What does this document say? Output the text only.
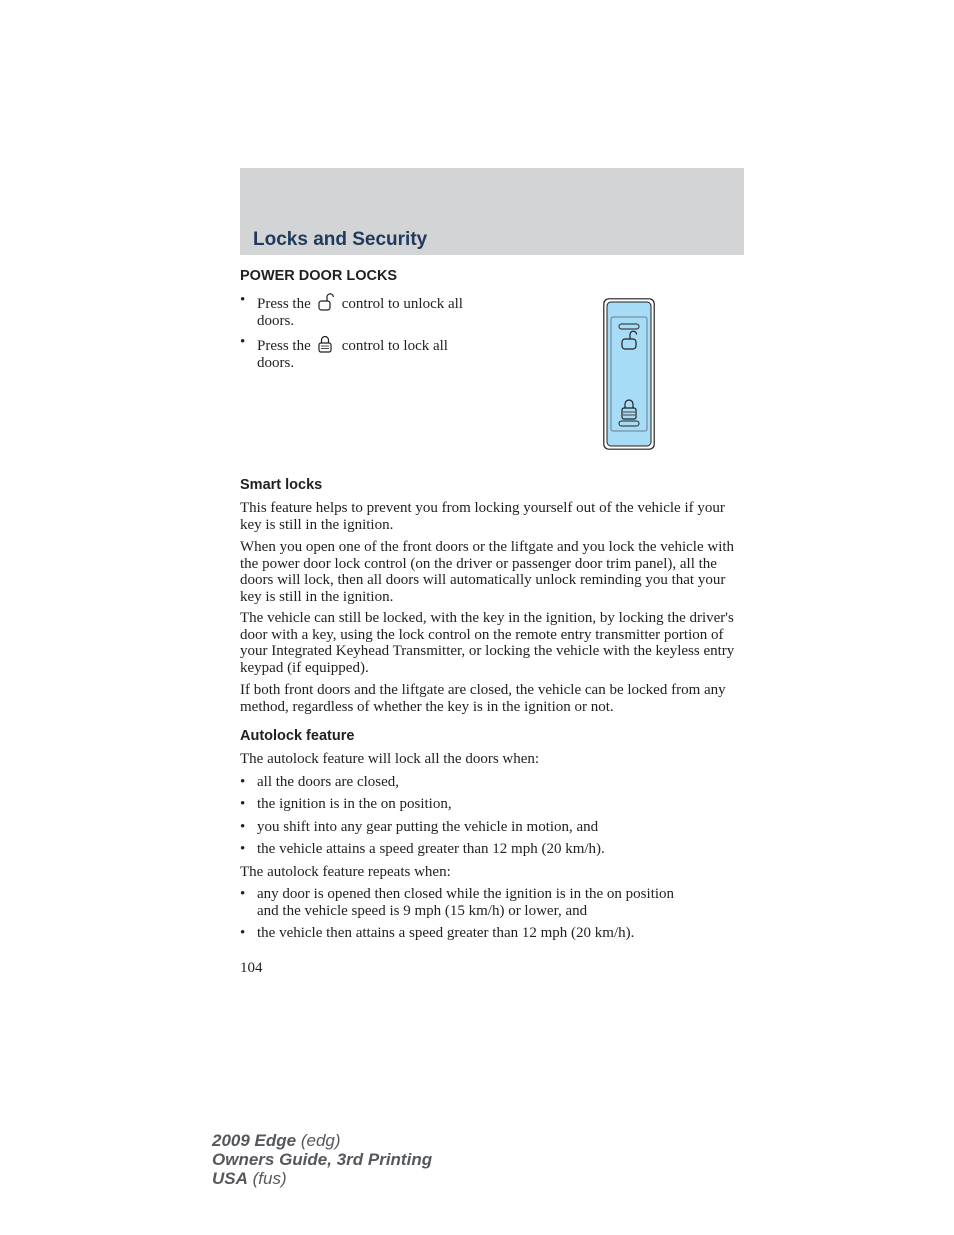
Locks and Security
POWER DOOR LOCKS
• Press the control to unlock all
doors.
• Press the control to lock all
doors.
Smart locks

This feature helps to prevent you from locking yourself out of the vehicle if your key is still in the ignition.

When you open one of the front doors or the liftgate and you lock the vehicle with the power door lock control (on the driver or passenger door trim panel), all the doors will lock, then all doors will automatically unlock reminding you that your key is still in the ignition.

The vehicle can still be locked, with the key in the ignition, by locking the driver's door with a key, using the lock control on the remote entry transmitter portion of your Integrated Keyhead Transmitter, or locking the vehicle with the keyless entry keypad (if equipped).

If both front doors and the liftgate are closed, the vehicle can be locked from any method, regardless of whether the key is in the ignition or not.

Autolock feature

The autolock feature will lock all the doors when:

• all the doors are closed,
• the ignition is in the on position,
• you shift into any gear putting the vehicle in motion, and
• the vehicle attains a speed greater than 12 mph (20 km/h).

The autolock feature repeats when:

• any door is opened then closed while the ignition is in the on position
and the vehicle speed is 9 mph (15 km/h) or lower, and
• the vehicle then attains a speed greater than 12 mph (20 km/h).

104

2009 Edge (edg)
Owners Guide, 3rd Printing
USA (fus)
